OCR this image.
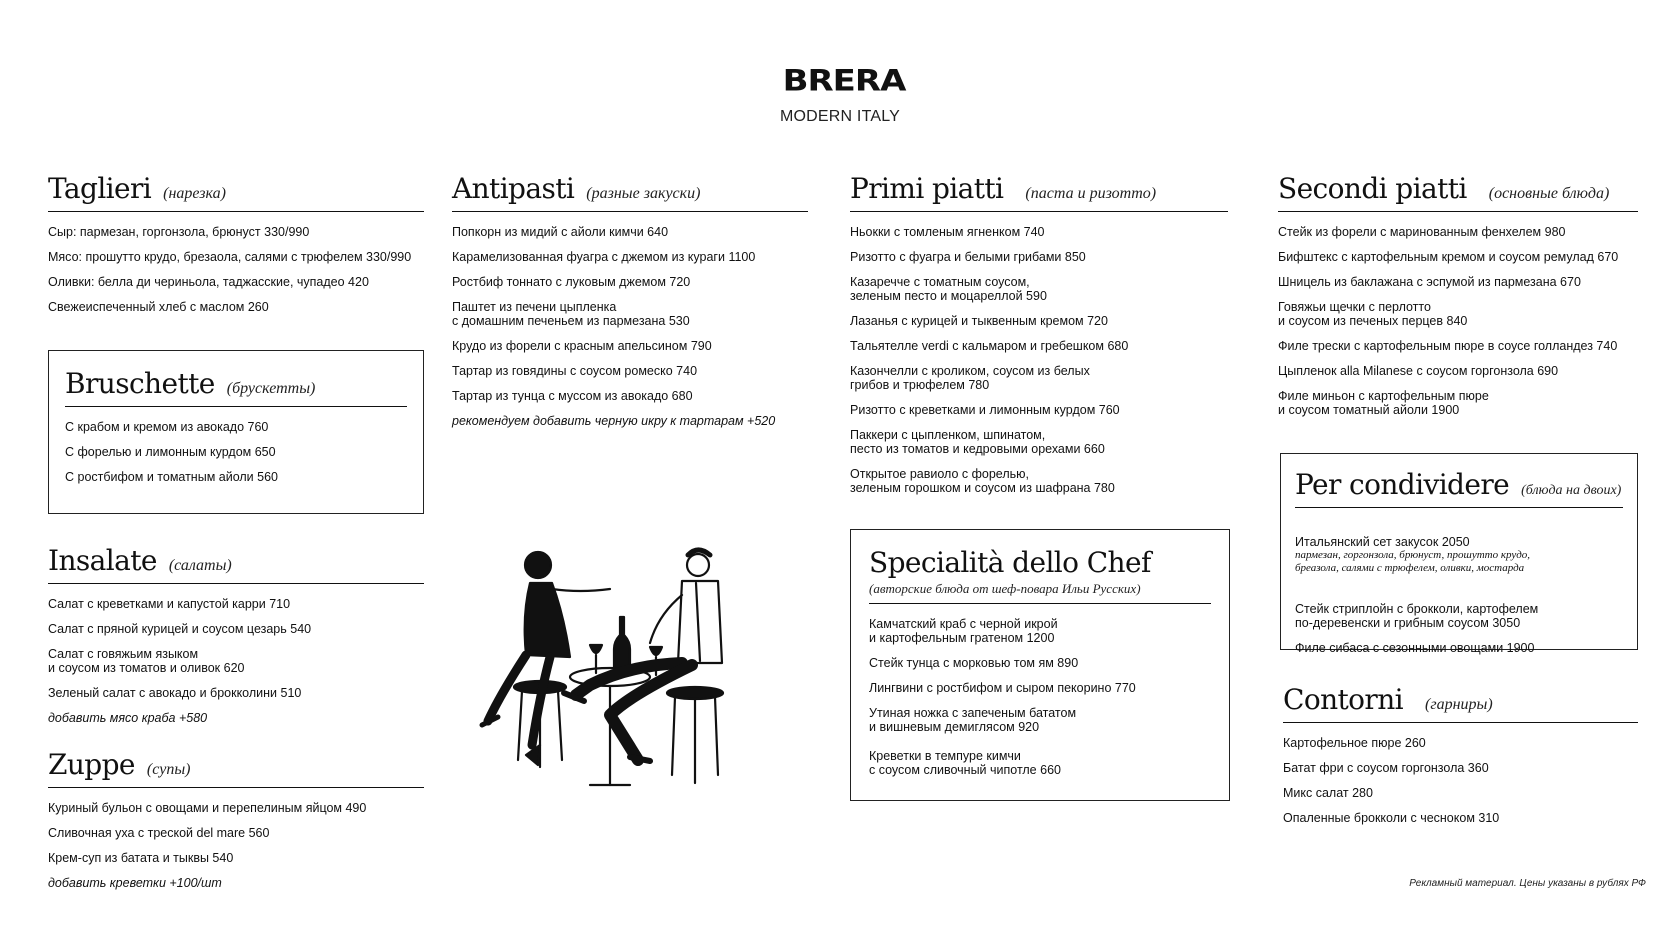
BRERA
MODERN ITALY
Taglieri (нарезка)
Сыр: пармезан, горгонзола, брюнуст 330/990
Мясо: прошутто крудо, брезаола, салями с трюфелем 330/990
Оливки: белла ди чериньола, таджасские, чупадео 420
Свежеиспеченный хлеб с маслом 260
Bruschette (брускетты)
С крабом и кремом из авокадо 760
С форелью и лимонным курдом 650
С ростбифом и томатным айоли 560
Insalate (салаты)
Салат с креветками и капустой карри 710
Салат с пряной курицей и соусом цезарь 540
Салат с говяжьим языком
и соусом из томатов и оливок 620
Зеленый салат с авокадо и брокколини 510
добавить мясо краба +580
Zuppe (супы)
Куриный бульон с овощами и перепелиным яйцом 490
Сливочная уха с треской del mare 560
Крем-суп из батата и тыквы 540
добавить креветки +100/шт
Antipasti (разные закуски)
Попкорн из мидий с айоли кимчи 640
Карамелизованная фуагра с джемом из кураги 1100
Ростбиф тоннато с луковым джемом 720
Паштет из печени цыпленка
с домашним печеньем из пармезана 530
Крудо из форели с красным апельсином 790
Тартар из говядины с соусом ромеско 740
Тартар из тунца с муссом из авокадо 680
рекомендуем добавить черную икру к тартарам +520
Primi piatti (паста и ризотто)
Ньокки с томленым ягненком 740
Ризотто с фуагра и белыми грибами 850
Казаречче с томатным соусом,
зеленым песто и моцареллой 590
Лазанья с курицей и тыквенным кремом 720
Тальятелле verdi с кальмаром и гребешком 680
Казончелли с кроликом, соусом из белых
грибов и трюфелем 780
Ризотто с креветками и лимонным курдом 760
Паккери с цыпленком, шпинатом,
песто из томатов и кедровыми орехами 660
Открытое равиоло с форелью,
зеленым горошком и соусом из шафрана 780
Specialità dello Chef
(авторские блюда от шеф-повара Ильи Русских)
Камчатский краб с черной икрой
и картофельным гратеном 1200
Стейк тунца с морковью том ям 890
Лингвини с ростбифом и сыром пекорино 770
Утиная ножка с запеченым бататом
и вишневым демиглясом 920
Креветки в темпуре кимчи
с соусом сливочный чипотле 660
Secondi piatti (основные блюда)
Стейк из форели с маринованным фенхелем 980
Бифштекс с картофельным кремом и соусом ремулад 670
Шницель из баклажана с эспумой из пармезана 670
Говяжьи щечки с перлотто
и соусом из печеных перцев 840
Филе трески с картофельным пюре в соусе голландез 740
Цыпленок alla Milanese с соусом горгонзола 690
Филе миньон с картофельным пюре
и соусом томатный айоли 1900
Per condividere (блюда на двоих)

Итальянский сет закусок 2050

пармезан, горгонзола, брюнуст, прошутто крудо,
бреазола, салями с трюфелем, оливки, мостарда

Стейк стриплойн с брокколи, картофелем
по-деревенски и грибным соусом 3050
Филе сибаса с сезонными овощами 1900
Contorni (гарниры)
Картофельное пюре 260
Батат фри с соусом горгонзола 360
Микс салат 280
Опаленные брокколи с чесноком 310
Рекламный материал. Цены указаны в рублях РФ
